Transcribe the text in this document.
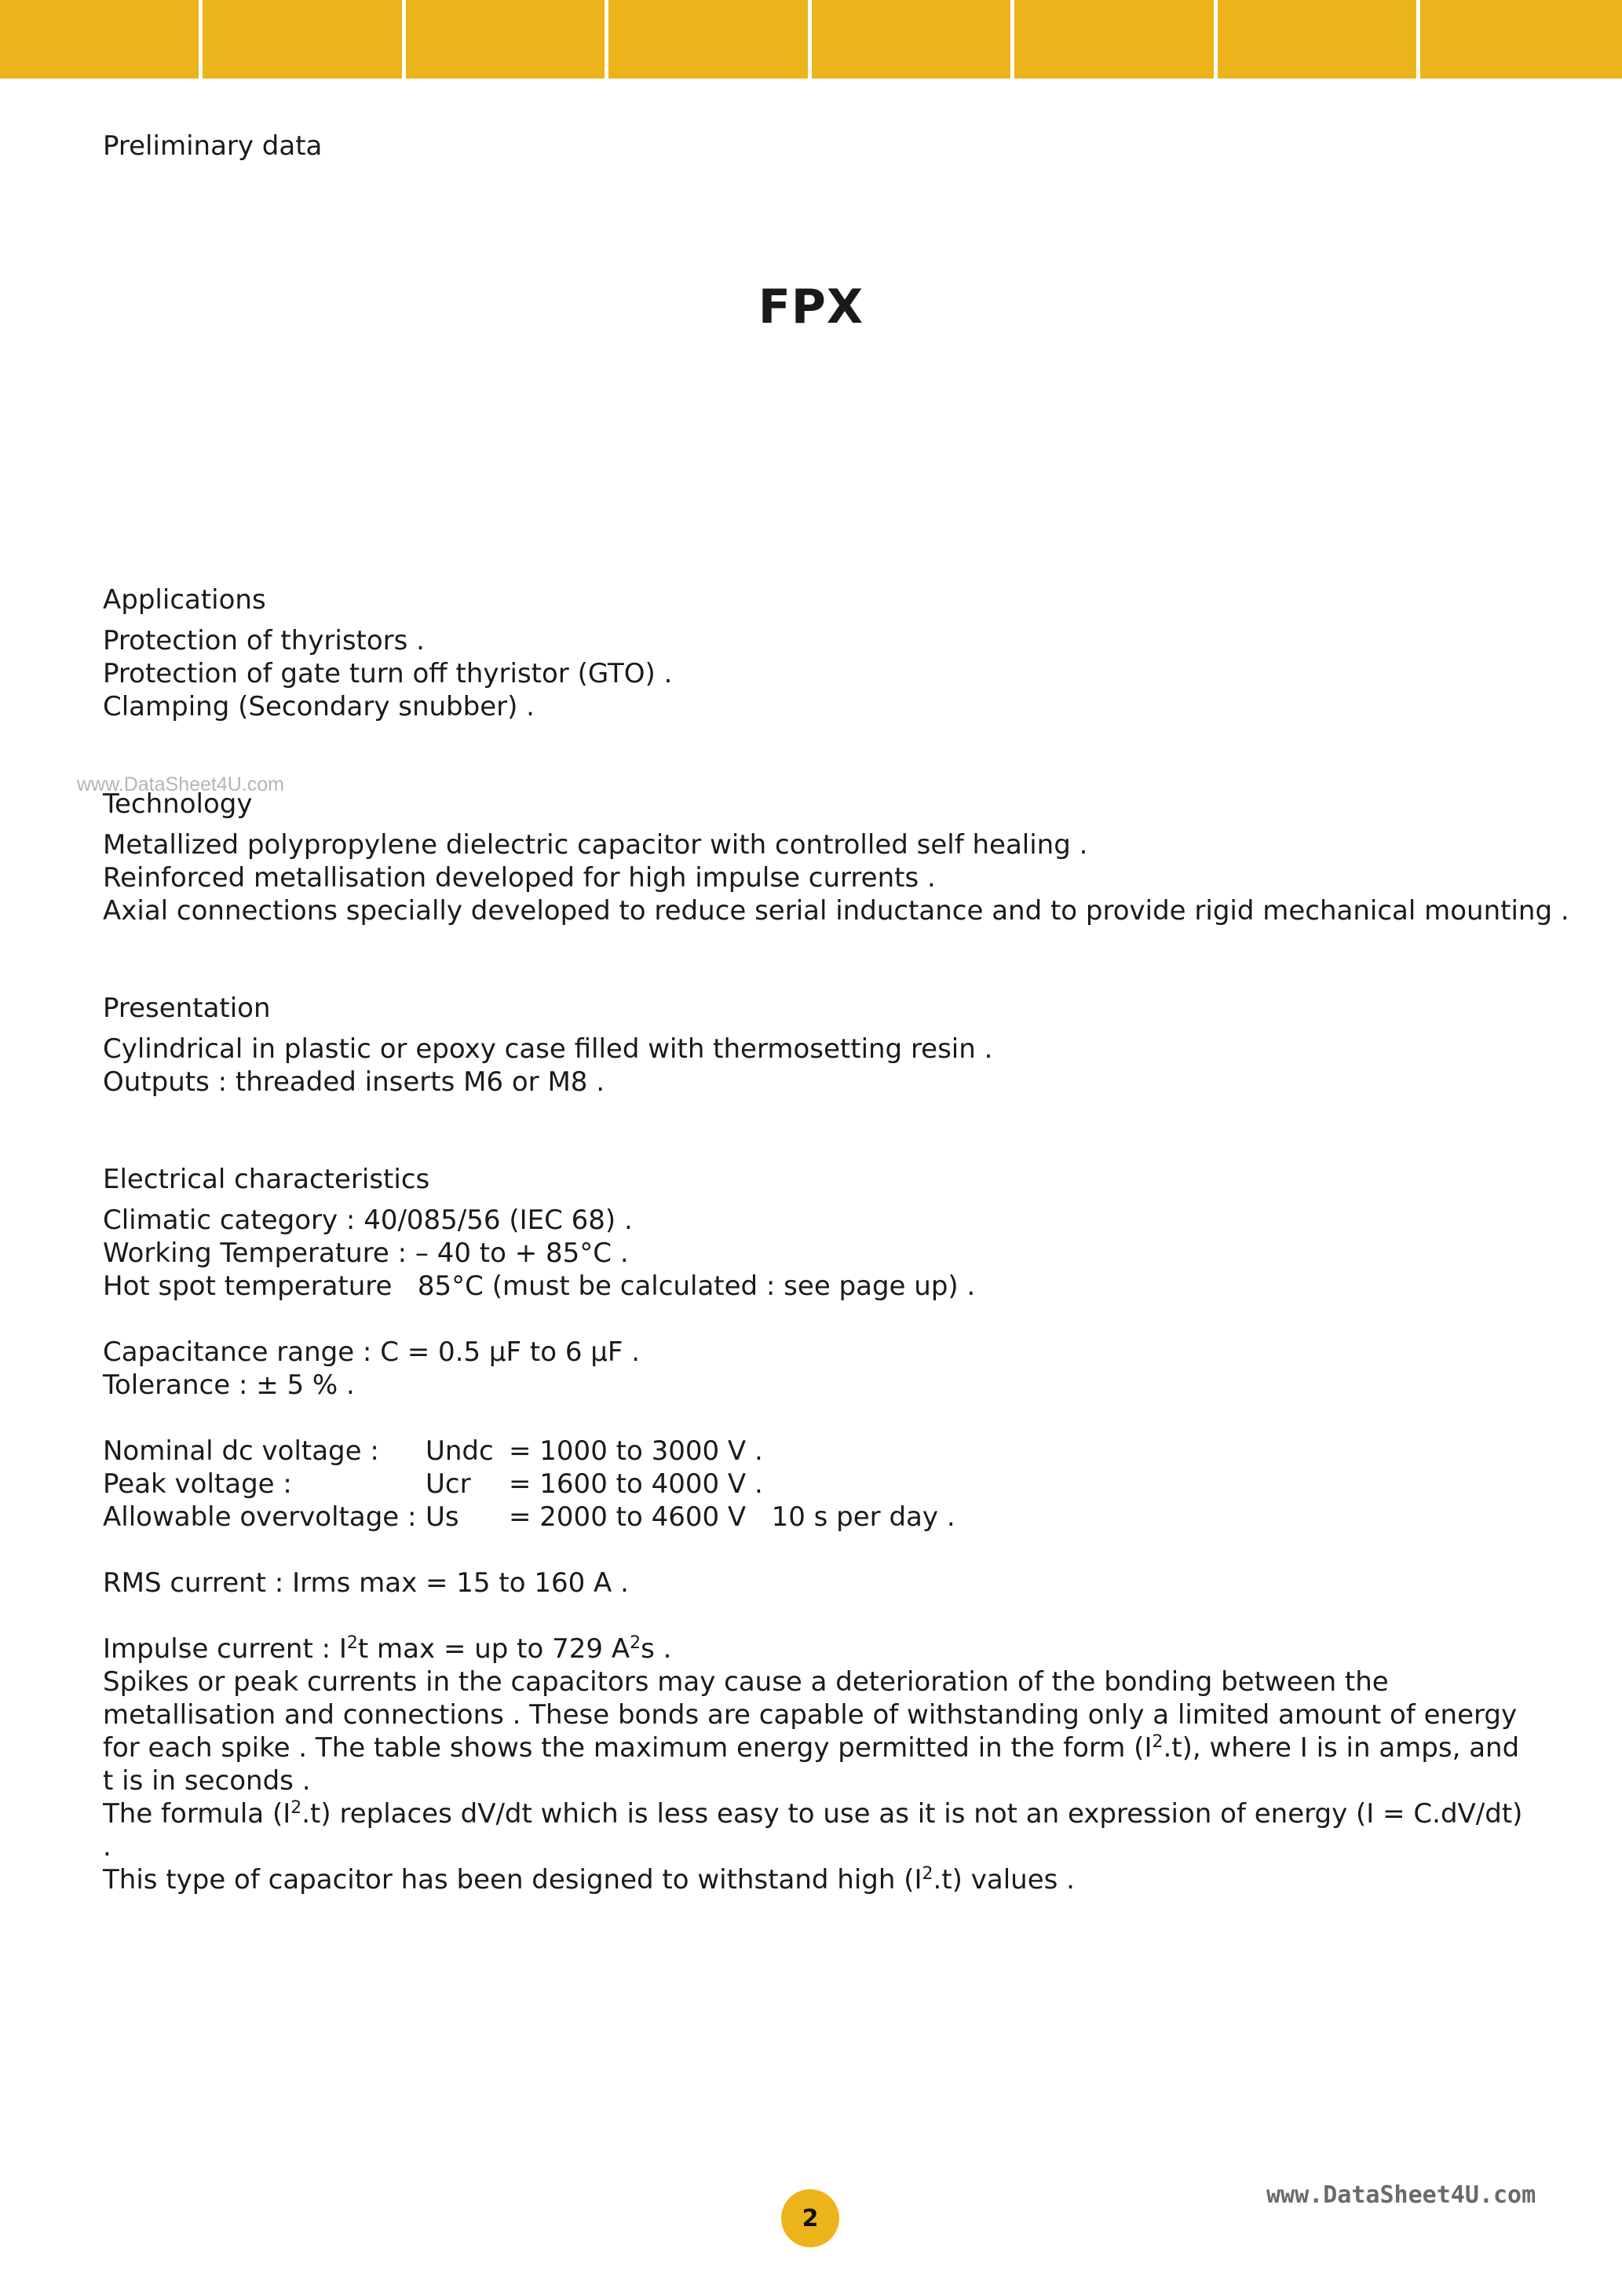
Preliminary data
FPX
www.DataSheet4U.com
Applications
Protection of thyristors .
Protection of gate turn off thyristor (GTO) .
Clamping (Secondary snubber) .
Technology
Metallized polypropylene dielectric capacitor with controlled self healing .
Reinforced metallisation developed for high impulse currents .
Axial connections specially developed to reduce serial inductance and to provide rigid mechanical mounting .
Presentation
Cylindrical in plastic or epoxy case filled with thermosetting resin .
Outputs : threaded inserts M6 or M8 .
Electrical characteristics
Climatic category : 40/085/56 (IEC 68) .
Working Temperature : – 40 to + 85°C .
Hot spot temperature   85°C (must be calculated : see page up) .
Capacitance range : C = 0.5 µF to 6 µF .
Tolerance : ± 5 % .
Nominal dc voltage :	Undc = 1000 to 3000 V .
Peak voltage :	Ucr	= 1600 to 4000 V .
Allowable overvoltage : Us	= 2000 to 4600 V   10 s per day .
RMS current : Irms max = 15 to 160 A .
Impulse current : $I^2t$ max = up to 729 $A^2s$ .
Spikes or peak currents in the capacitors may cause a deterioration of the bonding between the metallisation and connections . These bonds are capable of withstanding only a limited amount of energy for each spike . The table shows the maximum energy permitted in the form $(I^2.t)$, where I is in amps, and t is in seconds .
The formula $(I^2.t)$ replaces dV/dt which is less easy to use as it is not an expression of energy (I = C.dV/dt) .
This type of capacitor has been designed to withstand high $(I^2.t)$ values .
2
www.DataSheet4U.com
